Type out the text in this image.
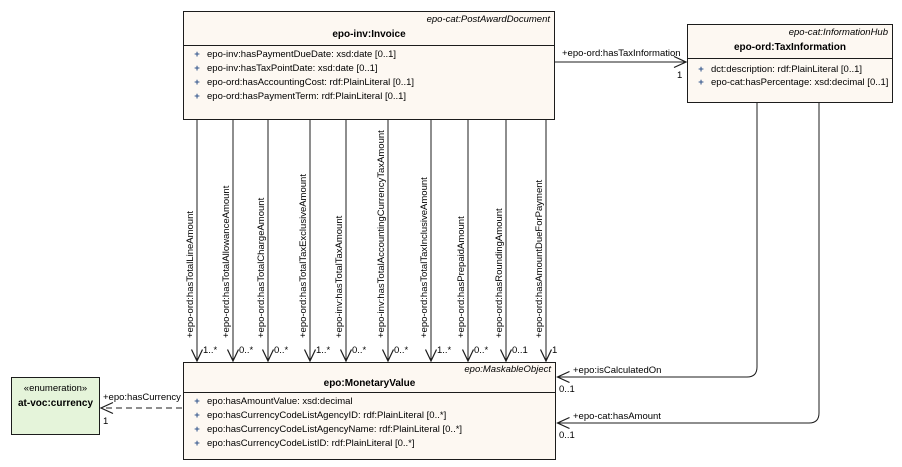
+epo-ord:hasTaxInformation
1
+epo-ord:hasTotalLineAmount
1..*
+epo-ord:hasTotalAllowanceAmount
0..*
+epo-ord:hasTotalChargeAmount
0..*
+epo-ord:hasTotalTaxExclusiveAmount
1..*
+epo-inv:hasTotalTaxAmount
0..*
+epo-inv:hasTotalAccountingCurrencyTaxAmount
0..*
+epo-ord:hasTotalTaxInclusiveAmount
1..*
+epo-ord:hasPrepaidAmount
0..*
+epo-ord:hasRoundingAmount
0..1
+epo-ord:hasAmountDueForPayment
1
+epo:isCalculatedOn
0..1
+epo-cat:hasAmount
0..1
+epo:hasCurrency
1
epo-cat:PostAwardDocument
epo-inv:Invoice
+ epo-inv:hasPaymentDueDate: xsd:date [0..1]
+ epo-inv:hasTaxPointDate: xsd:date [0..1]
+ epo-ord:hasAccountingCost: rdf:PlainLiteral [0..1]
+ epo-ord:hasPaymentTerm: rdf:PlainLiteral [0..1]
epo-cat:InformationHub
epo-ord:TaxInformation
+ dct:description: rdf:PlainLiteral [0..1]
+ epo-cat:hasPercentage: xsd:decimal [0..1]
epo:MaskableObject
epo:MonetaryValue
+ epo:hasAmountValue: xsd:decimal
+ epo:hasCurrencyCodeListAgencyID: rdf:PlainLiteral [0..*]
+ epo:hasCurrencyCodeListAgencyName: rdf:PlainLiteral [0..*]
+ epo:hasCurrencyCodeListID: rdf:PlainLiteral [0..*]
«enumeration»
at-voc:currency
